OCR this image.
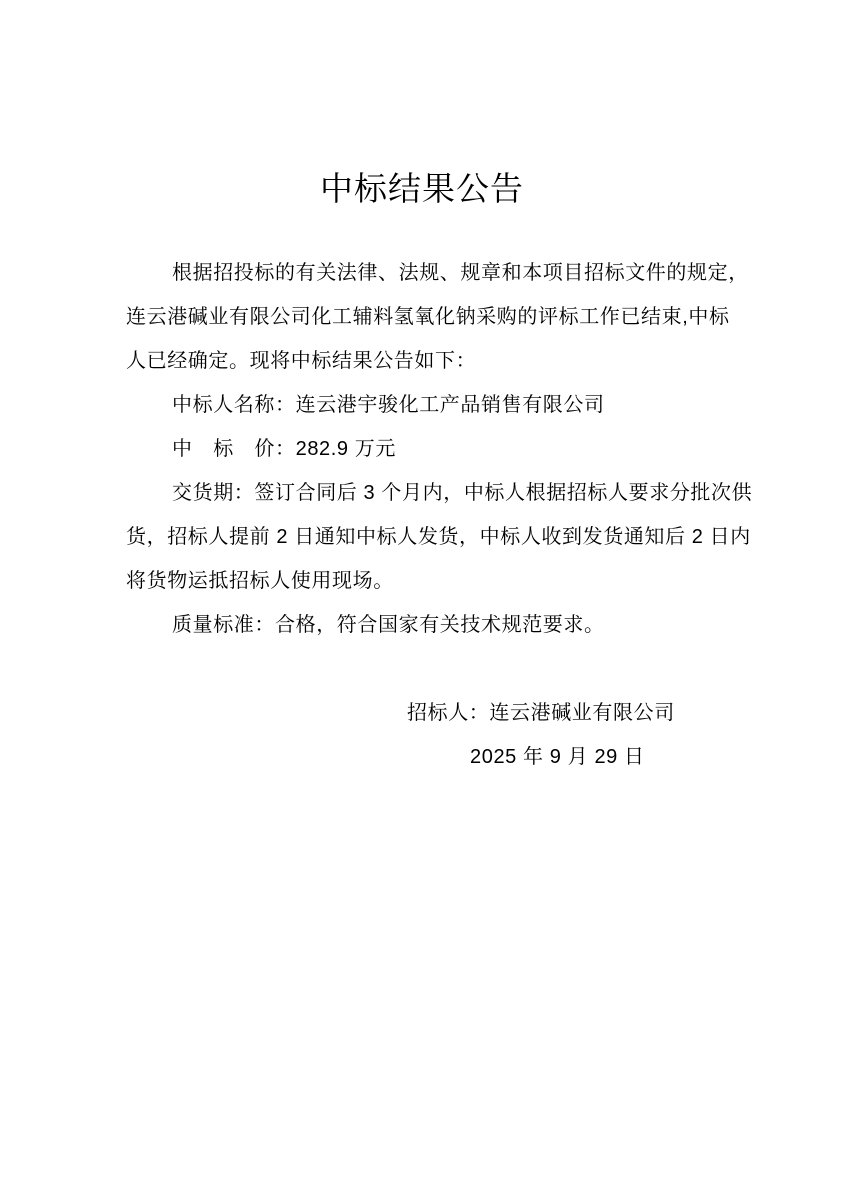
中标结果公告

根据招投标的有关法律、法规、规章和本项目招标文件的规定，
连云港碱业有限公司化工辅料氢氧化钠采购的评标工作已结束,中标
人已经确定。现将中标结果公告如下：

中标人名称：连云港宇骏化工产品销售有限公司

中　标　价：282.9 万元

交货期：签订合同后 3 个月内，中标人根据招标人要求分批次供
货，招标人提前 2 日通知中标人发货，中标人收到发货通知后 2 日内
将货物运抵招标人使用现场。

质量标准：合格，符合国家有关技术规范要求。

招标人：连云港碱业有限公司
2025 年 9 月 29 日
